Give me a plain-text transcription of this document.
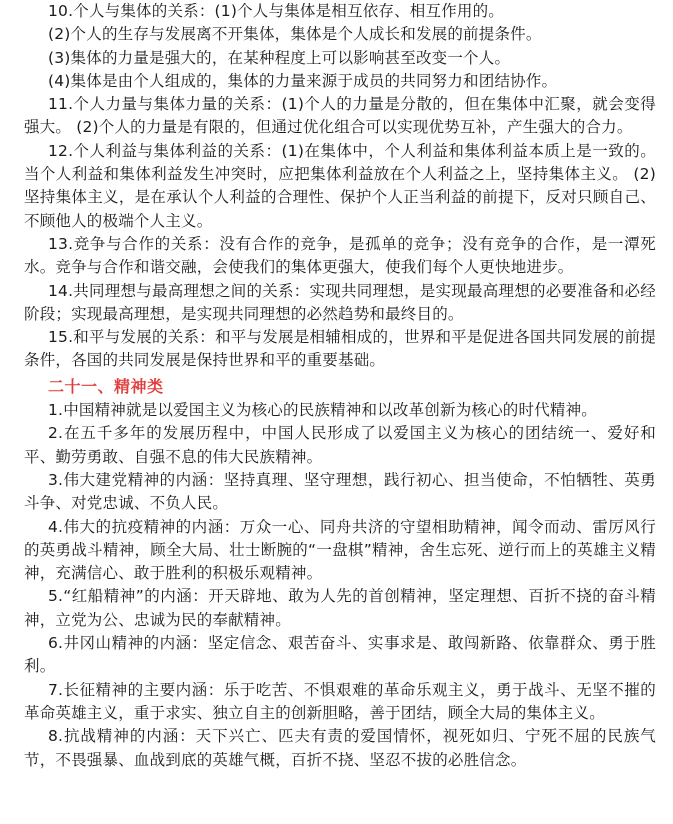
10.个人与集体的关系：(1)个人与集体是相互依存、相互作用的。

(2)个人的生存与发展离不开集体，集体是个人成长和发展的前提条件。

(3)集体的力量是强大的，在某种程度上可以影响甚至改变一个人。

(4)集体是由个人组成的，集体的力量来源于成员的共同努力和团结协作。

11.个人力量与集体力量的关系：(1)个人的力量是分散的，但在集体中汇聚，就会变得强大。 (2)个人的力量是有限的，但通过优化组合可以实现优势互补，产生强大的合力。

12.个人利益与集体利益的关系：(1)在集体中，个人利益和集体利益本质上是一致的。当个人利益和集体利益发生冲突时，应把集体利益放在个人利益之上，坚持集体主义。 (2)坚持集体主义，是在承认个人利益的合理性、保护个人正当利益的前提下，反对只顾自己、不顾他人的极端个人主义。

13.竞争与合作的关系：没有合作的竞争，是孤单的竞争；没有竞争的合作，是一潭死水。竞争与合作和谐交融，会使我们的集体更强大，使我们每个人更快地进步。

14.共同理想与最高理想之间的关系：实现共同理想，是实现最高理想的必要准备和必经阶段；实现最高理想，是实现共同理想的必然趋势和最终目的。

15.和平与发展的关系：和平与发展是相辅相成的，世界和平是促进各国共同发展的前提条件，各国的共同发展是保持世界和平的重要基础。

二十一、精神类

1.中国精神就是以爱国主义为核心的民族精神和以改革创新为核心的时代精神。

2.在五千多年的发展历程中，中国人民形成了以爱国主义为核心的团结统一、爱好和平、勤劳勇敢、自强不息的伟大民族精神。

3.伟大建党精神的内涵：坚持真理、坚守理想，践行初心、担当使命，不怕牺牲、英勇斗争、对党忠诚、不负人民。

4.伟大的抗疫精神的内涵：万众一心、同舟共济的守望相助精神，闻令而动、雷厉风行的英勇战斗精神，顾全大局、壮士断腕的“一盘棋”精神，舍生忘死、逆行而上的英雄主义精神，充满信心、敢于胜利的积极乐观精神。

5.“红船精神”的内涵：开天辟地、敢为人先的首创精神，坚定理想、百折不挠的奋斗精神，立党为公、忠诚为民的奉献精神。

6.井冈山精神的内涵：坚定信念、艰苦奋斗、实事求是、敢闯新路、依靠群众、勇于胜利。

7.长征精神的主要内涵：乐于吃苦、不惧艰难的革命乐观主义，勇于战斗、无坚不摧的革命英雄主义，重于求实、独立自主的创新胆略，善于团结，顾全大局的集体主义。

8.抗战精神的内涵：天下兴亡、匹夫有责的爱国情怀，视死如归、宁死不屈的民族气节，不畏强暴、血战到底的英雄气概，百折不挠、坚忍不拔的必胜信念。
